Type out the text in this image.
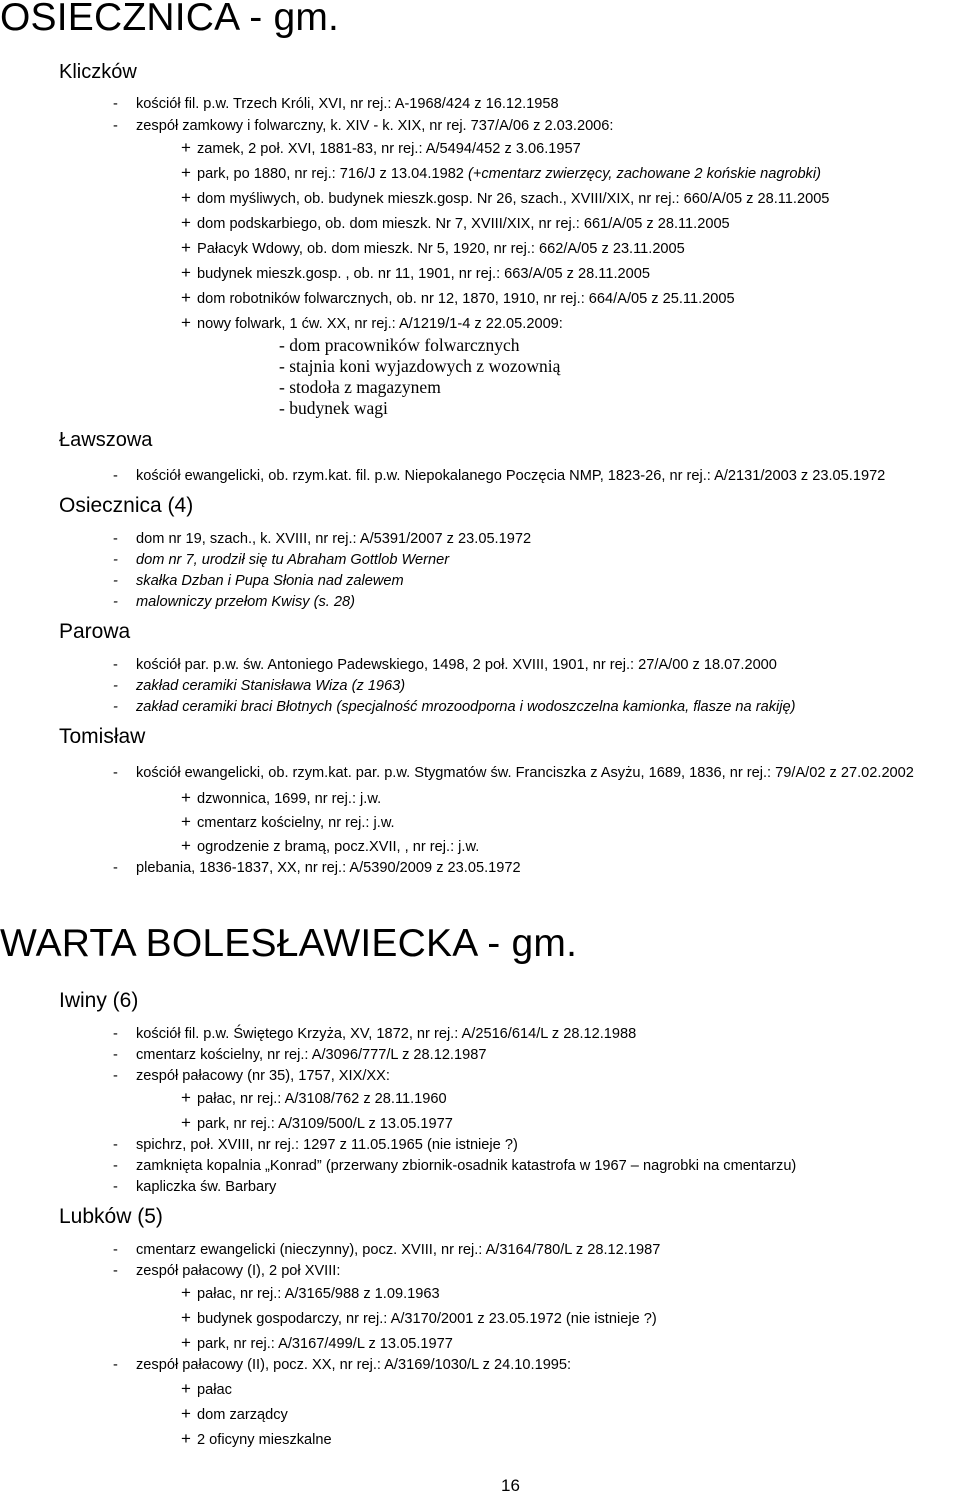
OSIECZNICA - gm.
Kliczków
- kościół fil. p.w. Trzech Króli, XVI, nr rej.: A-1968/424 z 16.12.1958
- zespół zamkowy i folwarczny, k. XIV - k. XIX, nr rej. 737/A/06 z 2.03.2006:
+ zamek, 2 poł. XVI, 1881-83, nr rej.: A/5494/452 z 3.06.1957
+ park, po 1880, nr rej.: 716/J z 13.04.1982 (+cmentarz zwierzęcy, zachowane 2 końskie nagrobki)
+ dom myśliwych, ob. budynek mieszk.gosp. Nr 26, szach., XVIII/XIX, nr rej.: 660/A/05 z 28.11.2005
+ dom podskarbiego, ob. dom mieszk. Nr 7, XVIII/XIX, nr rej.: 661/A/05 z 28.11.2005
+ Pałacyk Wdowy, ob. dom mieszk. Nr 5, 1920, nr rej.: 662/A/05 z 23.11.2005
+ budynek mieszk.gosp. , ob. nr 11, 1901, nr rej.: 663/A/05 z 28.11.2005
+ dom robotników folwarcznych, ob. nr 12, 1870, 1910, nr rej.: 664/A/05 z 25.11.2005
+ nowy folwark, 1 ćw. XX, nr rej.: A/1219/1-4 z 22.05.2009:
- dom pracowników folwarcznych
- stajnia koni wyjazdowych z wozownią
- stodoła z magazynem
- budynek wagi
Ławszowa
- kościół ewangelicki, ob. rzym.kat. fil. p.w. Niepokalanego Poczęcia NMP, 1823-26, nr rej.: A/2131/2003 z 23.05.1972
Osiecznica (4)
- dom nr 19, szach., k. XVIII, nr rej.: A/5391/2007 z 23.05.1972
- dom nr 7, urodził się tu Abraham Gottlob Werner
- skałka Dzban i Pupa Słonia nad zalewem
- malowniczy przełom Kwisy (s. 28)
Parowa
- kościół par. p.w. św. Antoniego Padewskiego, 1498, 2 poł. XVIII, 1901, nr rej.: 27/A/00 z 18.07.2000
- zakład ceramiki Stanisława Wiza (z 1963)
- zakład ceramiki braci Błotnych (specjalność mrozoodporna i wodoszczelna kamionka, flasze na rakiję)
Tomisław
- kościół ewangelicki, ob. rzym.kat. par. p.w. Stygmatów św. Franciszka z Asyżu, 1689, 1836, nr rej.: 79/A/02 z 27.02.2002
+ dzwonnica, 1699, nr rej.: j.w.
+ cmentarz kościelny, nr rej.: j.w.
+ ogrodzenie z bramą, pocz.XVII, , nr rej.: j.w.
- plebania, 1836-1837, XX, nr rej.: A/5390/2009 z 23.05.1972
WARTA BOLESŁAWIECKA - gm.
Iwiny (6)
- kościół fil. p.w. Świętego Krzyża, XV, 1872, nr rej.: A/2516/614/L z 28.12.1988
- cmentarz kościelny, nr rej.: A/3096/777/L z 28.12.1987
- zespół pałacowy (nr 35), 1757, XIX/XX:
+ pałac, nr rej.: A/3108/762 z 28.11.1960
+ park, nr rej.: A/3109/500/L z 13.05.1977
- spichrz, poł. XVIII, nr rej.: 1297 z 11.05.1965 (nie istnieje ?)
- zamknięta kopalnia „Konrad” (przerwany zbiornik-osadnik katastrofa w 1967 – nagrobki na cmentarzu)
- kapliczka św. Barbary
Lubków (5)
- cmentarz ewangelicki (nieczynny), pocz. XVIII, nr rej.: A/3164/780/L z 28.12.1987
- zespół pałacowy (I), 2 poł XVIII:
+ pałac, nr rej.: A/3165/988 z 1.09.1963
+ budynek gospodarczy, nr rej.: A/3170/2001 z 23.05.1972 (nie istnieje ?)
+ park, nr rej.: A/3167/499/L z 13.05.1977
- zespół pałacowy (II), pocz. XX, nr rej.: A/3169/1030/L z 24.10.1995:
+ pałac
+ dom zarządcy
+ 2 oficyny mieszkalne
16
